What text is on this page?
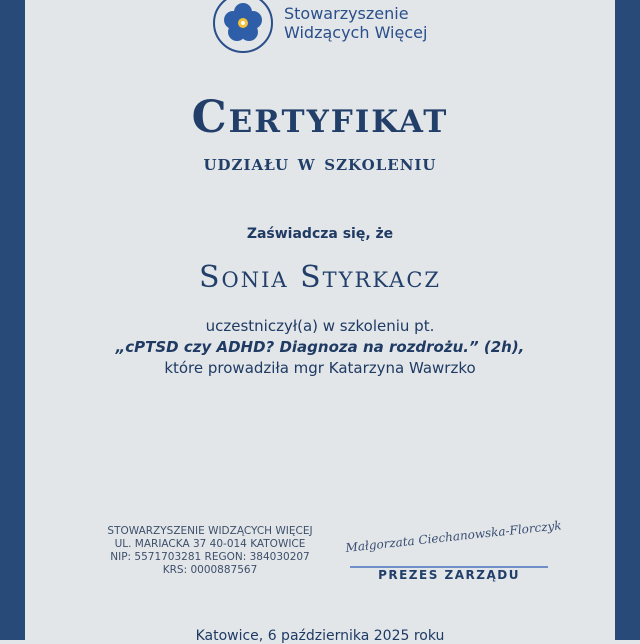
Stowarzyszenie
Widzących Więcej
Certyfikat
udziału w szkoleniu
Zaświadcza się, że
Sonia Styrkacz
uczestniczył(a) w szkoleniu pt.
„cPTSD czy ADHD? Diagnoza na rozdrożu.” (2h),
które prowadziła mgr Katarzyna Wawrzko
STOWARZYSZENIE WIDZĄCYCH WIĘCEJ
UL. MARIACKA 37 40-014 KATOWICE
NIP: 5571703281 REGON: 384030207
KRS: 0000887567
Małgorzata Ciechanowska-Florczyk
PREZES ZARZĄDU
Katowice, 6 października 2025 roku
